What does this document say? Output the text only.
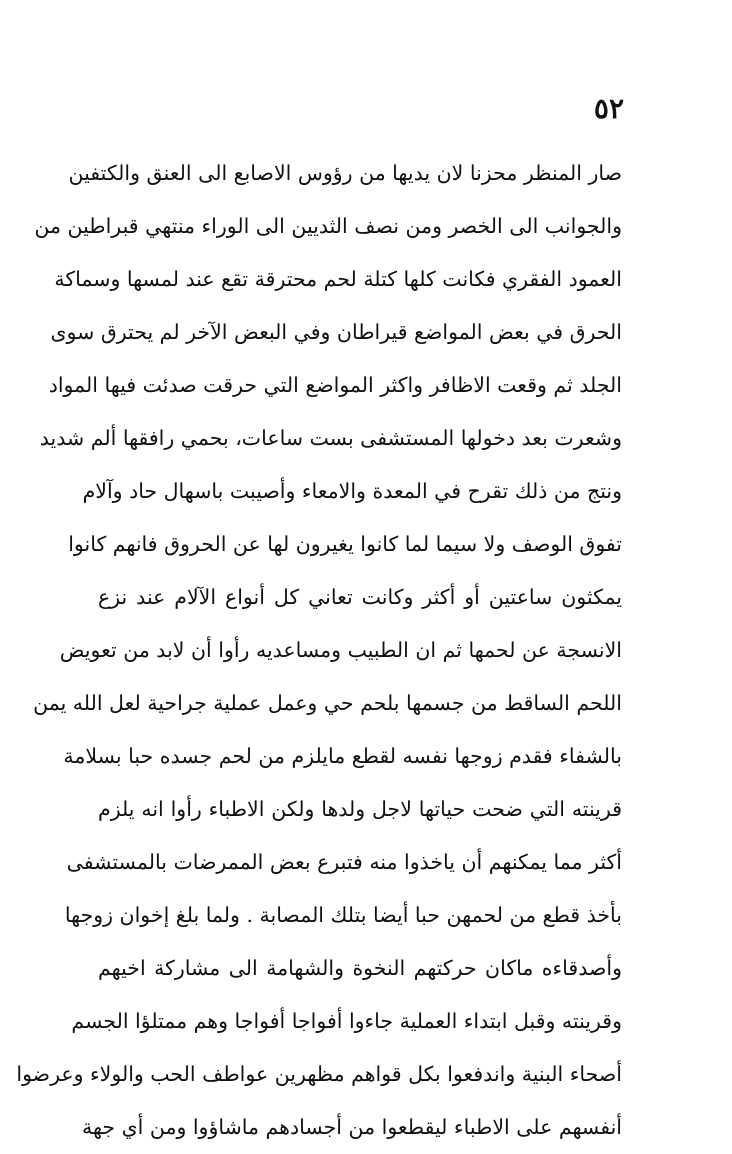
٥٢
صار المنظر محزنا لان يديها من رؤوس الاصابع الى العنق والكتفين
والجوانب الى الخصر ومن نصف الثديين الى الوراء منتهي قبراطين من
العمود الفقري فكانت كلها كتلة لحم محترقة تقع عند لمسها وسماكة
الحرق في بعض المواضع قيراطان وفي البعض الآخر لم يحترق سوى
الجلد ثم وقعت الاظافر واكثر المواضع التي حرقت صدئت فيها المواد
وشعرت بعد دخولها المستشفى بست ساعات، بحمي رافقها ألم شديد
ونتج من ذلك تقرح في المعدة والامعاء وأصيبت باسهال حاد وآلام
تفوق الوصف ولا سيما لما كانوا يغيرون لها عن الحروق فانهم كانوا
يمكثون ساعتين أو أكثر وكانت تعاني كل أنواع الآلام عند نزع
الانسجة عن لحمها ثم ان الطبيب ومساعديه رأوا أن لابد من تعويض
اللحم الساقط من جسمها بلحم حي وعمل عملية جراحية لعل الله يمن
بالشفاء فقدم زوجها نفسه لقطع مايلزم من لحم جسده حبا بسلامة
قرينته التي ضحت حياتها لاجل ولدها ولكن الاطباء رأوا انه يلزم
أكثر مما يمكنهم أن ياخذوا منه فتبرع بعض الممرضات بالمستشفى
بأخذ قطع من لحمهن حبا أيضا بتلك المصابة . ولما بلغ إخوان زوجها
وأصدقاءه ماكان حركتهم النخوة والشهامة الى مشاركة اخيهم
وقرينته وقبل ابتداء العملية جاءوا أفواجا أفواجا وهم ممتلؤا الجسم
أصحاء البنية واندفعوا بكل قواهم مظهرين عواطف الحب والولاء وعرضوا
أنفسهم على الاطباء ليقطعوا من أجسادهم ماشاؤوا ومن أي جهة
